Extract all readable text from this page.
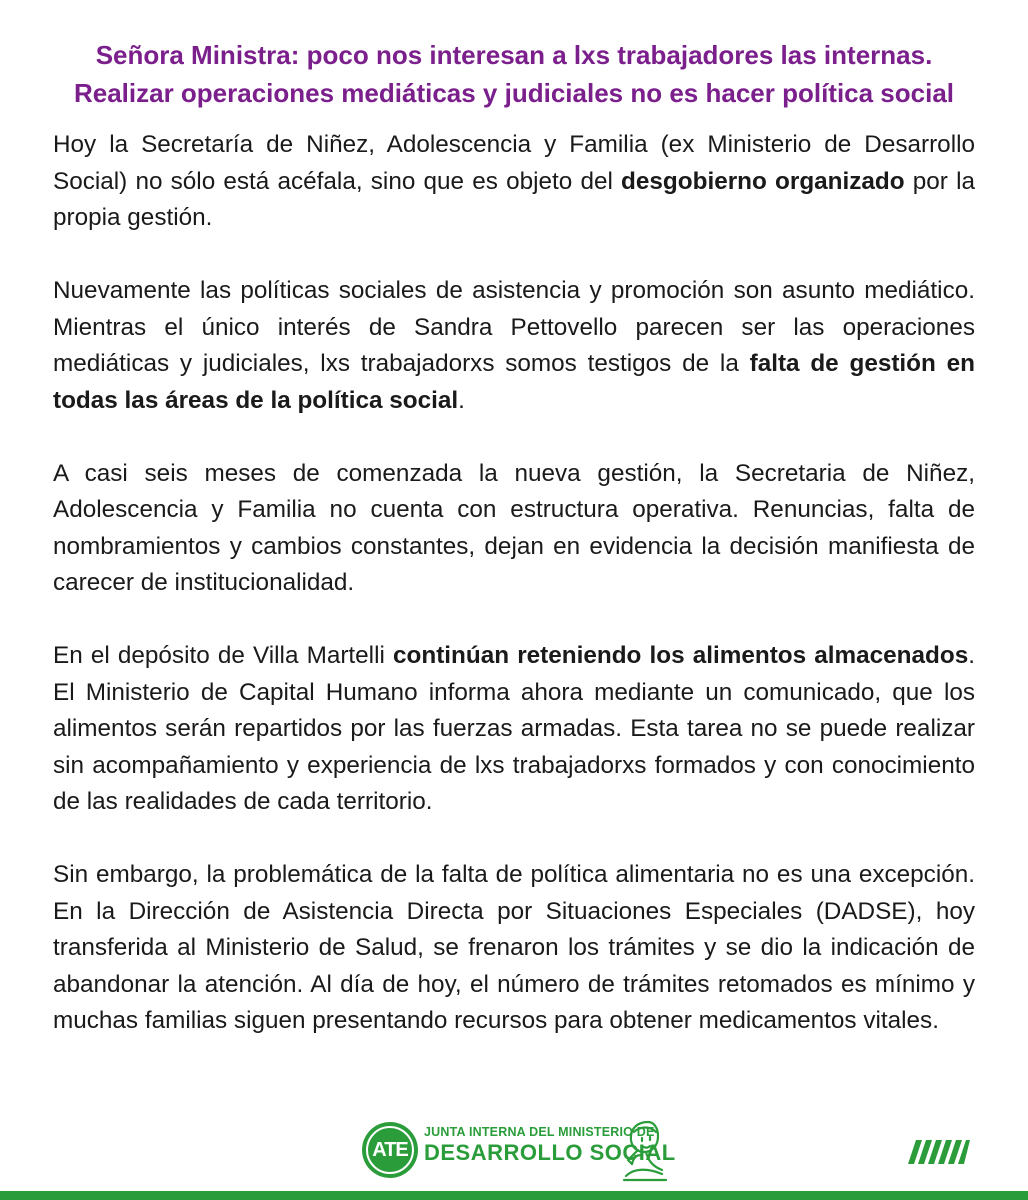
Señora Ministra: poco nos interesan a lxs trabajadores las internas.
Realizar operaciones mediáticas y judiciales no es hacer política social

Hoy la Secretaría de Niñez, Adolescencia y Familia (ex Ministerio de Desarrollo Social) no sólo está acéfala, sino que es objeto del desgobierno organizado por la propia gestión.

Nuevamente las políticas sociales de asistencia y promoción son asunto mediático. Mientras el único interés de Sandra Pettovello parecen ser las operaciones mediáticas y judiciales, lxs trabajadorxs somos testigos de la falta de gestión en todas las áreas de la política social.

A casi seis meses de comenzada la nueva gestión, la Secretaria de Niñez, Adolescencia y Familia no cuenta con estructura operativa. Renuncias, falta de nombramientos y cambios constantes, dejan en evidencia la decisión manifiesta de carecer de institucionalidad.

En el depósito de Villa Martelli continúan reteniendo los alimentos almacenados. El Ministerio de Capital Humano informa ahora mediante un comunicado, que los alimentos serán repartidos por las fuerzas armadas. Esta tarea no se puede realizar sin acompañamiento y experiencia de lxs trabajadorxs formados y con conocimiento de las realidades de cada territorio.

Sin embargo, la problemática de la falta de política alimentaria no es una excepción. En la Dirección de Asistencia Directa por Situaciones Especiales (DADSE), hoy transferida al Ministerio de Salud, se frenaron los trámites y se dio la indicación de abandonar la atención. Al día de hoy, el número de trámites retomados es mínimo y muchas familias siguen presentando recursos para obtener medicamentos vitales.

ATE
JUNTA INTERNA DEL MINISTERIO DE
DESARROLLO SOCIAL
